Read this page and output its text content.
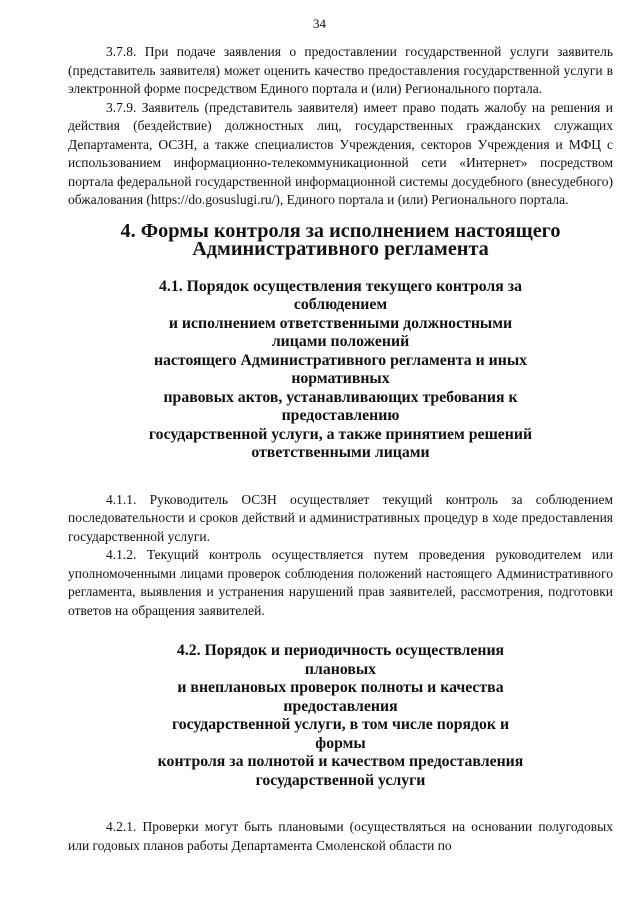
34

3.7.8. При подаче заявления о предоставлении государственной услуги заявитель (представитель заявителя) может оценить качество предоставления государственной услуги в электронной форме посредством Единого портала и (или) Регионального портала.

3.7.9. Заявитель (представитель заявителя) имеет право подать жалобу на решения и действия (бездействие) должностных лиц, государственных гражданских служащих Департамента, ОСЗН, а также специалистов Учреждения, секторов Учреждения и МФЦ с использованием информационно-телекоммуникационной сети «Интернет» посредством портала федеральной государственной информационной системы досудебного (внесудебного) обжалования (https://do.gosuslugi.ru/), Единого портала и (или) Регионального портала.

4. Формы контроля за исполнением настоящего
Административного регламента
4.1. Порядок осуществления текущего контроля за
соблюдением
и исполнением ответственными должностными
лицами положений
настоящего Административного регламента и иных
нормативных
правовых актов, устанавливающих требования к
предоставлению
государственной услуги, а также принятием решений
ответственными лицами

4.1.1. Руководитель ОСЗН осуществляет текущий контроль за соблюдением последовательности и сроков действий и административных процедур в ходе предоставления государственной услуги.

4.1.2. Текущий контроль осуществляется путем проведения руководителем или уполномоченными лицами проверок соблюдения положений настоящего Административного регламента, выявления и устранения нарушений прав заявителей, рассмотрения, подготовки ответов на обращения заявителей.

4.2. Порядок и периодичность осуществления
плановых
и внеплановых проверок полноты и качества
предоставления
государственной услуги, в том числе порядок и
формы
контроля за полнотой и качеством предоставления
государственной услуги

4.2.1. Проверки могут быть плановыми (осуществляться на основании полугодовых или годовых планов работы Департамента Смоленской области по
